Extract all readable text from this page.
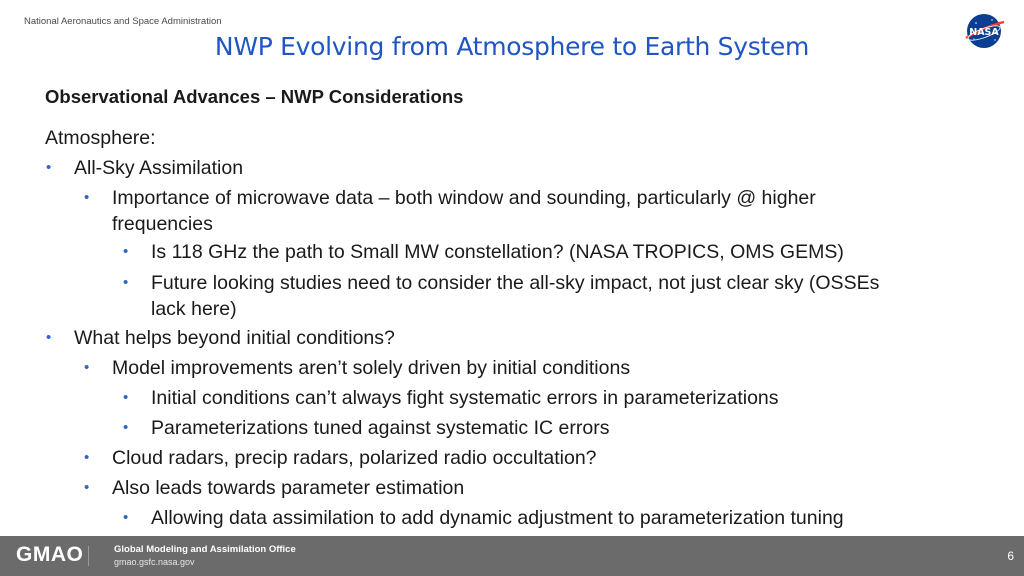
National Aeronautics and Space Administration
NWP Evolving from Atmosphere to Earth System	NASA
Observational Advances – NWP Considerations
Atmosphere:
• All-Sky Assimilation
• Importance of microwave data – both window and sounding, particularly @ higher
frequencies
• Is 118 GHz the path to Small MW constellation? (NASA TROPICS, OMS GEMS)
• Future looking studies need to consider the all-sky impact, not just clear sky (OSSEs
lack here)
• What helps beyond initial conditions?
• Model improvements aren’t solely driven by initial conditions
• Initial conditions can’t always fight systematic errors in parameterizations
• Parameterizations tuned against systematic IC errors
• Cloud radars, precip radars, polarized radio occultation?
• Also leads towards parameter estimation
• Allowing data assimilation to add dynamic adjustment to parameterization tuning
GMAO	Global Modeling and Assimilation Office
gmao.gsfc.nasa.gov	6
